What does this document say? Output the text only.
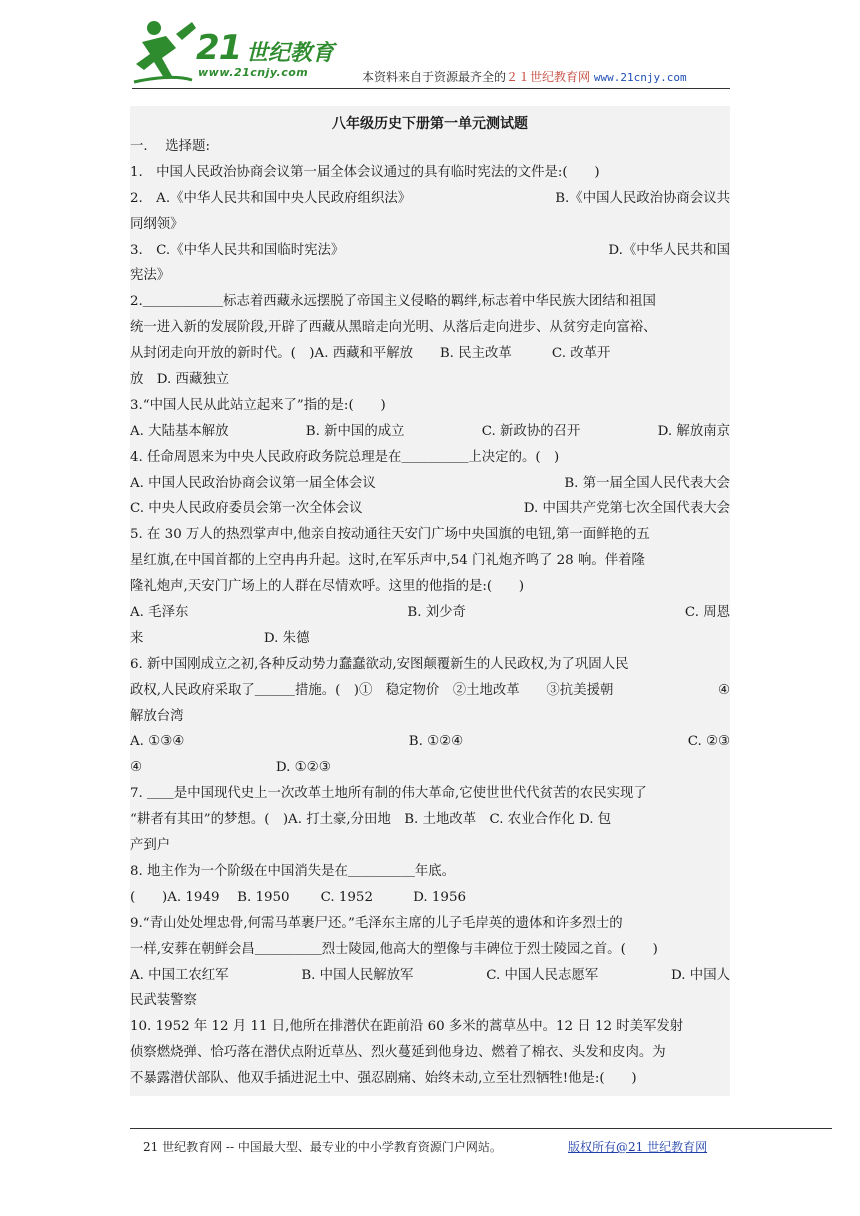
21 世纪教育
www.21cnjy.com	本资料来自于资源最齐全的２１世纪教育网 www.21cnjy.com
八年级历史下册第一单元测试题
一.　 选择题:
1.　中国人民政治协商会议第一届全体会议通过的具有临时宪法的文件是:(　　)
2.　A.《中华人民共和国中央人民政府组织法》	B.《中国人民政治协商会议共
同纲领》
3.　C.《中华人民共和国临时宪法》	D.《中华人民共和国
宪法》
2.＿＿＿＿＿＿标志着西藏永远摆脱了帝国主义侵略的羁绊,标志着中华民族大团结和祖国
统一进入新的发展阶段,开辟了西藏从黑暗走向光明、从落后走向进步、从贫穷走向富裕、
从封闭走向开放的新时代。(　)A. 西藏和平解放　　B. 民主改革　　　C. 改革开
放　D. 西藏独立
3.“中国人民从此站立起来了”指的是:(　　)
A. 大陆基本解放	B. 新中国的成立	C. 新政协的召开	D. 解放南京
4. 任命周恩来为中央人民政府政务院总理是在＿＿＿＿＿上决定的。(　)
A. 中国人民政治协商会议第一届全体会议	B. 第一届全国人民代表大会
C. 中央人民政府委员会第一次全体会议	D. 中国共产党第七次全国代表大会
5. 在 30 万人的热烈掌声中,他亲自按动通往天安门广场中央国旗的电钮,第一面鲜艳的五
星红旗,在中国首都的上空冉冉升起。这时,在军乐声中,54 门礼炮齐鸣了 28 响。伴着隆
隆礼炮声,天安门广场上的人群在尽情欢呼。这里的他指的是:(　　)
A. 毛泽东	B. 刘少奇	C. 周恩
来　　　　　　　　　D. 朱德
6. 新中国刚成立之初,各种反动势力蠢蠢欲动,安图颠覆新生的人民政权,为了巩固人民
政权,人民政府采取了＿＿＿措施。(　)①　稳定物价　②土地改革　　③抗美援朝	④
解放台湾
A. ①③④	B. ①②④	C. ②③
④　　　　　　　　　　D. ①②③
7. ＿＿是中国现代史上一次改革土地所有制的伟大革命,它使世世代代贫苦的农民实现了
“耕者有其田”的梦想。(　)A. 打土豪,分田地　B. 土地改革　C. 农业合作化 D. 包
产到户
8. 地主作为一个阶级在中国消失是在＿＿＿＿＿年底。
(　　)A. 1949　 B. 1950　　 C. 1952　　　D. 1956
9.“青山处处埋忠骨,何需马革裹尸还。”毛泽东主席的儿子毛岸英的遗体和许多烈士的
一样,安葬在朝鲜会昌＿＿＿＿＿烈士陵园,他高大的塑像与丰碑位于烈士陵园之首。(　　)
A. 中国工农红军	B. 中国人民解放军	C. 中国人民志愿军	D. 中国人
民武装警察
10. 1952 年 12 月 11 日,他所在排潜伏在距前沿 60 多米的蒿草丛中。12 日 12 时美军发射
侦察燃烧弹、恰巧落在潜伏点附近草丛、烈火蔓延到他身边、燃着了棉衣、头发和皮肉。为
不暴露潜伏部队、他双手插进泥土中、强忍剧痛、始终未动,立至壮烈牺牲!他是:(　　)
21 世纪教育网 -- 中国最大型、最专业的中小学教育资源门户网站。	版权所有@21 世纪教育网
